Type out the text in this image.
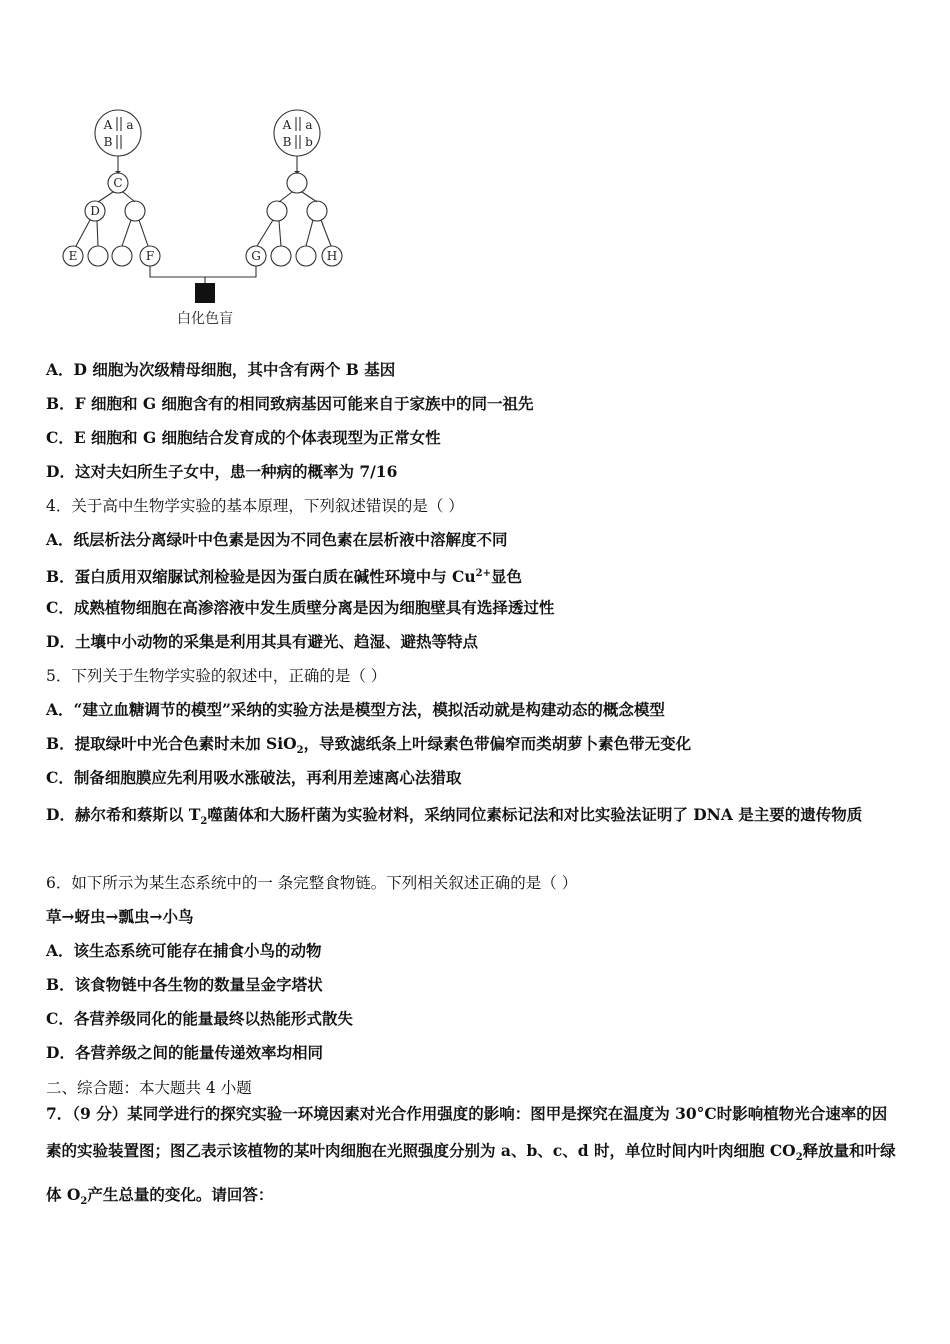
A a
B
A a
B b
C
D
E	F	G	H
白化色盲
A．D 细胞为次级精母细胞，其中含有两个 B 基因
B．F 细胞和 G 细胞含有的相同致病基因可能来自于家族中的同一祖先
C．E 细胞和 G 细胞结合发育成的个体表现型为正常女性
D．这对夫妇所生子女中，患一种病的概率为 7/16
4．关于高中生物学实验的基本原理，下列叙述错误的是（ ）
A．纸层析法分离绿叶中色素是因为不同色素在层析液中溶解度不同
B．蛋白质用双缩脲试剂检验是因为蛋白质在碱性环境中与 $Cu^{2+}$显色
C．成熟植物细胞在高渗溶液中发生质壁分离是因为细胞壁具有选择透过性
D．土壤中小动物的采集是利用其具有避光、趋湿、避热等特点
5．下列关于生物学实验的叙述中，正确的是（ ）
A．“建立血糖调节的模型”采纳的实验方法是模型方法，模拟活动就是构建动态的概念模型
B．提取绿叶中光合色素时未加 SiO$_2$，导致滤纸条上叶绿素色带偏窄而类胡萝卜素色带无变化
C．制备细胞膜应先利用吸水涨破法，再利用差速离心法猎取
D．赫尔希和蔡斯以 $T_2$噬菌体和大肠杆菌为实验材料，采纳同位素标记法和对比实验法证明了 DNA 是主要的遗传物质
6．如下所示为某生态系统中的一 条完整食物链。下列相关叙述正确的是（ ）
草→蚜虫→瓢虫→小鸟
A．该生态系统可能存在捕食小鸟的动物
B．该食物链中各生物的数量呈金字塔状
C．各营养级同化的能量最终以热能形式散失
D．各营养级之间的能量传递效率均相同
二、综合题：本大题共 4 小题
7．（9 分）某同学进行的探究实验一环境因素对光合作用强度的影响：图甲是探究在温度为 30°C时影响植物光合速率的因素的实验装置图；图乙表示该植物的某叶肉细胞在光照强度分别为 a、b、c、d 时，单位时间内叶肉细胞 $CO_2$释放量和叶绿体 $O_2$产生总量的变化。请回答：
